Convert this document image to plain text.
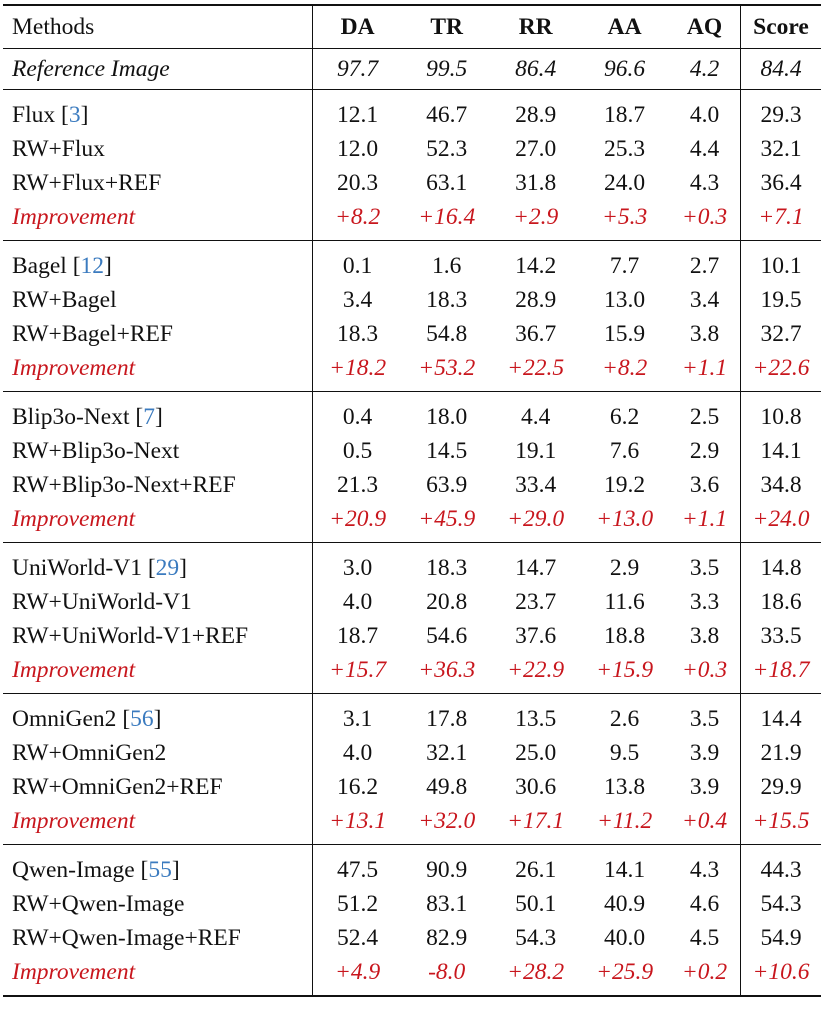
Methods	DA	TR	RR	AA	AQ	Score
Reference Image	97.7	99.5	86.4	96.6	4.2	84.4
Flux [3]	12.1	46.7	28.9	18.7	4.0	29.3
RW+Flux	12.0	52.3	27.0	25.3	4.4	32.1
RW+Flux+REF	20.3	63.1	31.8	24.0	4.3	36.4
Improvement	+8.2	+16.4	+2.9	+5.3	+0.3	+7.1
Bagel [12]	0.1	1.6	14.2	7.7	2.7	10.1
RW+Bagel	3.4	18.3	28.9	13.0	3.4	19.5
RW+Bagel+REF	18.3	54.8	36.7	15.9	3.8	32.7
Improvement	+18.2	+53.2	+22.5	+8.2	+1.1	+22.6
Blip3o-Next [7]	0.4	18.0	4.4	6.2	2.5	10.8
RW+Blip3o-Next	0.5	14.5	19.1	7.6	2.9	14.1
RW+Blip3o-Next+REF	21.3	63.9	33.4	19.2	3.6	34.8
Improvement	+20.9	+45.9	+29.0	+13.0	+1.1	+24.0
UniWorld-V1 [29]	3.0	18.3	14.7	2.9	3.5	14.8
RW+UniWorld-V1	4.0	20.8	23.7	11.6	3.3	18.6
RW+UniWorld-V1+REF	18.7	54.6	37.6	18.8	3.8	33.5
Improvement	+15.7	+36.3	+22.9	+15.9	+0.3	+18.7
OmniGen2 [56]	3.1	17.8	13.5	2.6	3.5	14.4
RW+OmniGen2	4.0	32.1	25.0	9.5	3.9	21.9
RW+OmniGen2+REF	16.2	49.8	30.6	13.8	3.9	29.9
Improvement	+13.1	+32.0	+17.1	+11.2	+0.4	+15.5
Qwen-Image [55]	47.5	90.9	26.1	14.1	4.3	44.3
RW+Qwen-Image	51.2	83.1	50.1	40.9	4.6	54.3
RW+Qwen-Image+REF	52.4	82.9	54.3	40.0	4.5	54.9
Improvement	+4.9	-8.0	+28.2	+25.9	+0.2	+10.6
